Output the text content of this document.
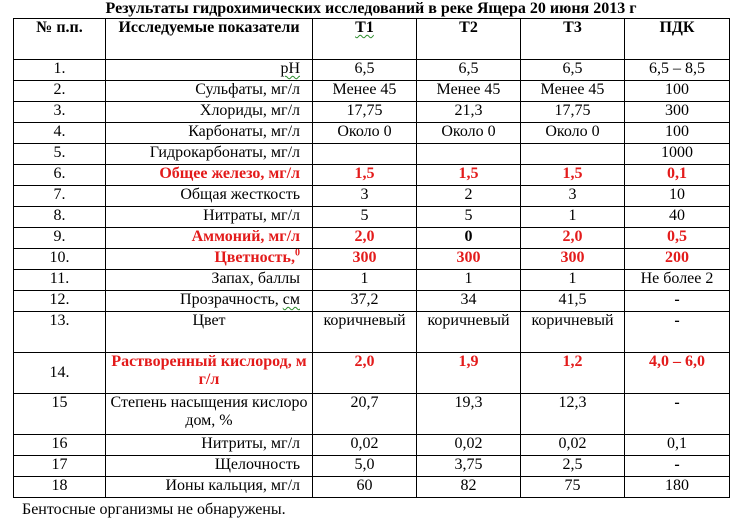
Результаты гидрохимических исследований в реке Ящера 20 июня 2013 г
№ п.п.	Исследуемые показатели	Т1	Т2	Т3	ПДК
1.	pH	6,5	6,5	6,5	6,5 – 8,5
2.	Сульфаты, мг/л	Менее 45	Менее 45	Менее 45	100
3.	Хлориды, мг/л	17,75	21,3	17,75	300
4.	Карбонаты, мг/л	Около 0	Около 0	Около 0	100
5.	Гидрокарбонаты, мг/л				1000
6.	Общее железо, мг/л	1,5	1,5	1,5	0,1
7.	Общая жесткость	3	2	3	10
8.	Нитраты, мг/л	5	5	1	40
9.	Аммоний, мг/л	2,0	0	2,0	0,5
10.	Цветность,$^0$	300	300	300	200
11.	Запах, баллы	1	1	1	Не более 2
12.	Прозрачность, см	37,2	34	41,5	-
13.	Цвет	коричневый	коричневый	коричневый	-
14.	Растворенный кислород, мг/л	2,0	1,9	1,2	4,0 – 6,0
15	Степень насыщения кислородом, %	20,7	19,3	12,3	-
16	Нитриты, мг/л	0,02	0,02	0,02	0,1
17	Щелочность	5,0	3,75	2,5	-
18	Ионы кальция, мг/л	60	82	75	180
Бентосные организмы не обнаружены.
